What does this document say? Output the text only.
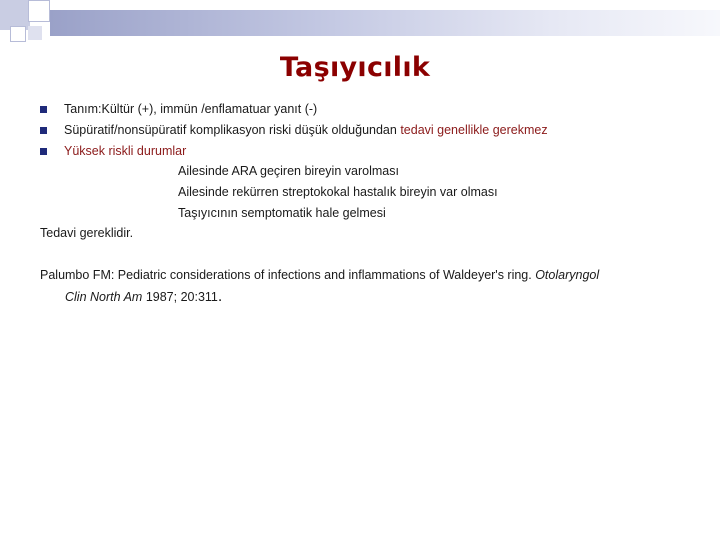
Taşıyıcılık
Tanım:Kültür (+), immün /enflamatuar yanıt (-)
Süpüratif/nonsüpüratif komplikasyon riski düşük olduğundan tedavi genellikle gerekmez
Yüksek riskli durumlar
Ailesinde ARA geçiren bireyin varolması
Ailesinde rekürren streptokokal hastalık bireyin var olması
Taşıyıcının semptomatik hale gelmesi
Tedavi gereklidir.
Palumbo FM: Pediatric considerations of infections and inflammations of Waldeyer's ring. Otolaryngol
Clin North Am 1987; 20:311.
